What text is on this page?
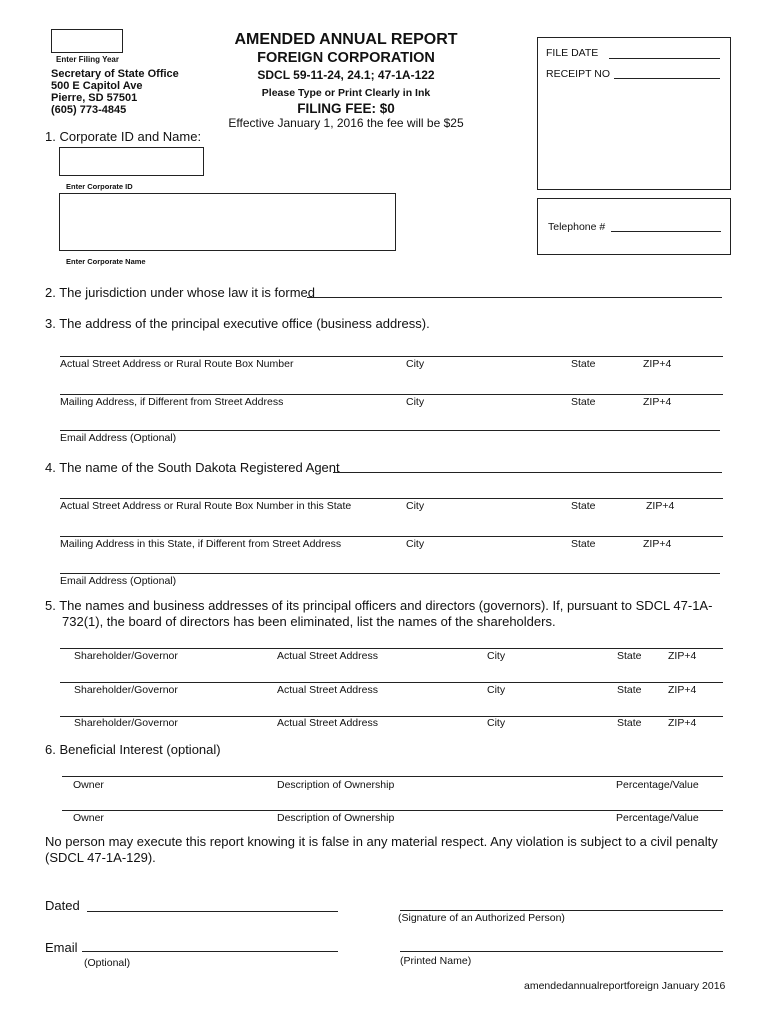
Enter Filing Year
Secretary of State Office
500 E Capitol Ave
Pierre, SD 57501
(605) 773-4845
AMENDED ANNUAL REPORT
FOREIGN CORPORATION
SDCL 59-11-24, 24.1; 47-1A-122
Please Type or Print Clearly in Ink
FILING FEE: $0
Effective January 1, 2016 the fee will be $25
FILE DATE
RECEIPT NO
Telephone #
1. Corporate ID and Name:
Enter Corporate ID
Enter Corporate Name
2. The jurisdiction under whose law it is formed
3. The address of the principal executive office (business address).
Actual Street Address or Rural Route Box Number	City	State	ZIP+4
Mailing Address, if Different from Street Address	City	State	ZIP+4
Email Address (Optional)
4. The name of the South Dakota Registered Agent
Actual Street Address or Rural Route Box Number in this State	City	State	ZIP+4
Mailing Address in this State, if Different from Street Address	City	State	ZIP+4
Email Address (Optional)
5. The names and business addresses of its principal officers and directors (governors). If, pursuant to SDCL 47-1A-
732(1), the board of directors has been eliminated, list the names of the shareholders.
Shareholder/Governor	Actual Street Address	City	State	ZIP+4
Shareholder/Governor	Actual Street Address	City	State	ZIP+4
Shareholder/Governor	Actual Street Address	City	State	ZIP+4
6. Beneficial Interest (optional)
Owner	Description of Ownership	Percentage/Value
Owner	Description of Ownership	Percentage/Value
No person may execute this report knowing it is false in any material respect. Any violation is subject to a civil penalty
(SDCL 47-1A-129).
Dated
(Signature of an Authorized Person)
Email
(Optional)	(Printed Name)
amendedannualreportforeign January 2016
